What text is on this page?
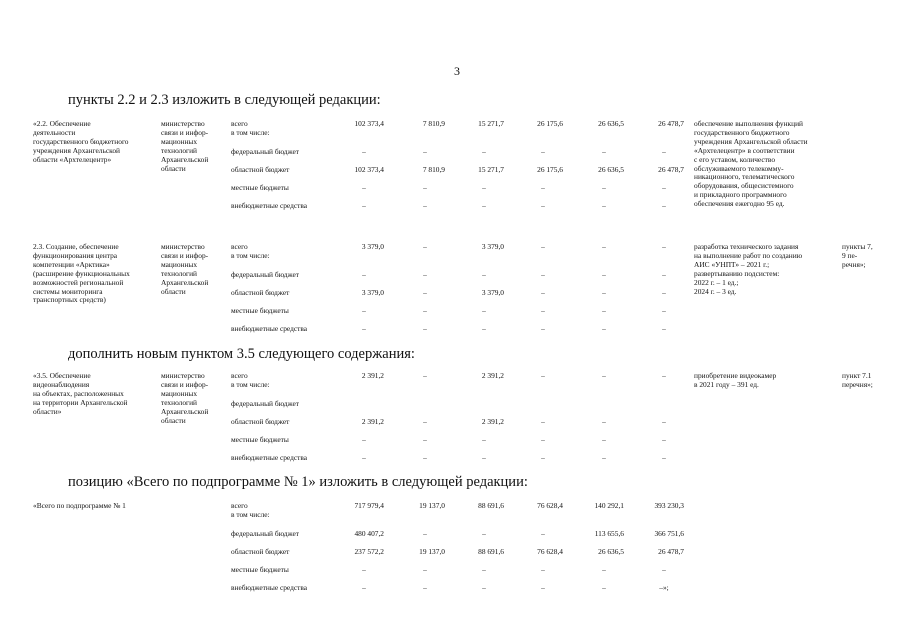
3
пункты 2.2 и 2.3 изложить в следующей редакции:
дополнить новым пунктом 3.5 следующего содержания:
позицию «Всего по подпрограмме № 1» изложить в следующей редакции:
«2.2. Обеспечение
деятельности
государственного бюджетного
учреждения Архангельской
области «Архтелецентр»
министерство
связи и инфор-
мационных
технологий
Архангельской
области
всего
в том числе:
102 373,4	7 810,9	15 271,7	26 175,6	26 636,5	26 478,7
федеральный бюджет	–	–	–	–	–	–
областной бюджет	102 373,4	7 810,9	15 271,7	26 175,6	26 636,5	26 478,7
местные бюджеты	–	–	–	–	–	–
внебюджетные средства	–	–	–	–	–	–
обеспечение выполнения функций
государственного бюджетного
учреждения Архангельской области
«Архтелецентр» в соответствии
с его уставом, количество
обслуживаемого телекомму-
никационного, телематического
оборудования, общесистемного
и прикладного программного
обеспечения ежегодно 95 ед.
2.3. Создание, обеспечение
функционирования центра
компетенции «Арктика»
(расширение функциональных
возможностей региональной
системы мониторинга
транспортных средств)
министерство
связи и инфор-
мационных
технологий
Архангельской
области
всего
в том числе:
3 379,0	–	3 379,0	–	–	–
федеральный бюджет	–	–	–	–	–	–
областной бюджет	3 379,0	–	3 379,0	–	–	–
местные бюджеты	–	–	–	–	–	–
внебюджетные средства	–	–	–	–	–	–
разработка технического задания
на выполнение работ по созданию
АИС «УНПТ» – 2021 г.;
развертыванию подсистем:
2022 г. – 1 ед.;
2024 г. – 3 ед.
пункты 7,
9 пе-
речня»;
«3.5. Обеспечение
видеонаблюдения
на объектах, расположенных
на территории Архангельской
области»
министерство
связи и инфор-
мационных
технологий
Архангельской
области
всего
в том числе:
2 391,2	–	2 391,2	–	–	–
федеральный бюджет
областной бюджет	2 391,2	–	2 391,2	–	–	–
местные бюджеты	–	–	–	–	–	–
внебюджетные средства	–	–	–	–	–	–
приобретение видеокамер
в 2021 году – 391 ед.
пункт 7.1
перечня»;
«Всего по подпрограмме № 1	всего
в том числе:
717 979,4	19 137,0	88 691,6	76 628,4	140 292,1	393 230,3
федеральный бюджет	480 407,2	–	–	–	113 655,6	366 751,6
областной бюджет	237 572,2	19 137,0	88 691,6	76 628,4	26 636,5	26 478,7
местные бюджеты	–	–	–	–	–	–
внебюджетные средства	–	–	–	–	–	–»;
